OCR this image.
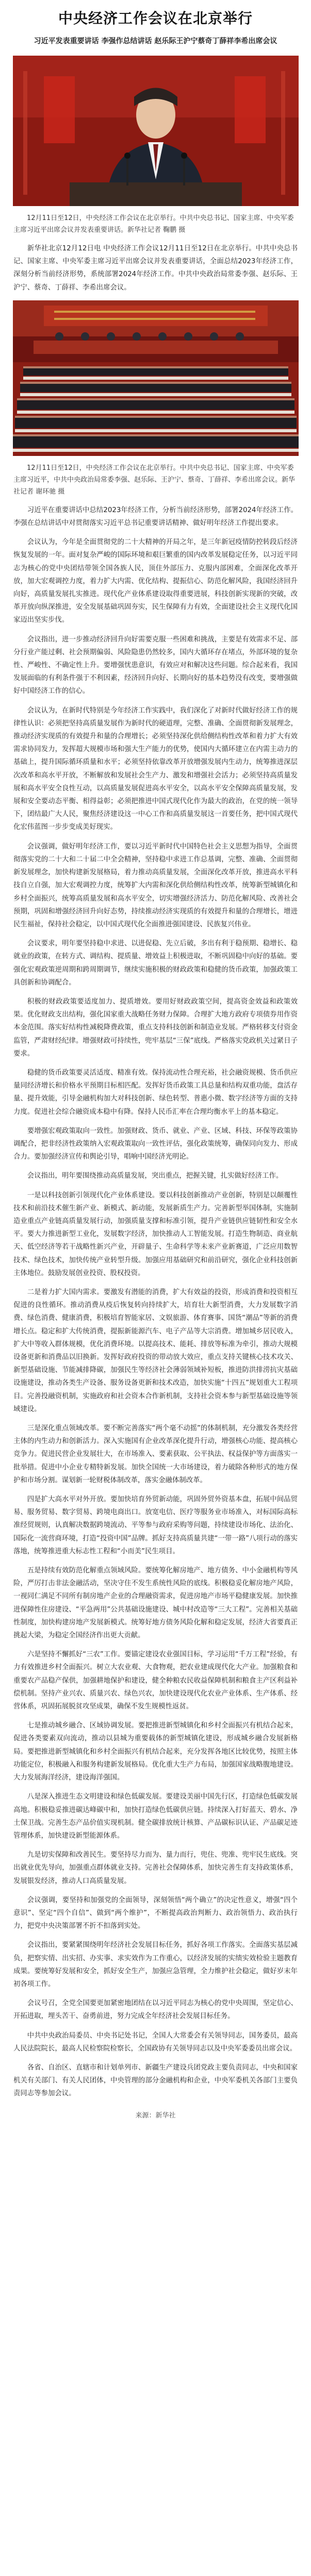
中央经济工作会议在北京举行
习近平发表重要讲话 李强作总结讲话 赵乐际王沪宁蔡奇丁薛祥李希出席会议
12月11日至12日，中央经济工作会议在北京举行。中共中央总书记、国家主席、中央军委主席习近平出席会议并发表重要讲话。新华社记者 鞠鹏 摄
新华社北京12月12日电 中央经济工作会议12月11日至12日在北京举行。中共中央总书记、国家主席、中央军委主席习近平出席会议并发表重要讲话，全面总结2023年经济工作，深刻分析当前经济形势，系统部署2024年经济工作。中共中央政治局常委李强、赵乐际、王沪宁、蔡奇、丁薛祥、李希出席会议。
12月11日至12日，中央经济工作会议在北京举行。中共中央总书记、国家主席、中央军委主席习近平，中共中央政治局常委李强、赵乐际、王沪宁、蔡奇、丁薛祥、李希出席会议。新华社记者 谢环驰 摄
习近平在重要讲话中总结2023年经济工作，分析当前经济形势，部署2024年经济工作。李强在总结讲话中对贯彻落实习近平总书记重要讲话精神、做好明年经济工作提出要求。
会议认为，今年是全面贯彻党的二十大精神的开局之年，是三年新冠疫情防控转段后经济恢复发展的一年。面对复杂严峻的国际环境和艰巨繁重的国内改革发展稳定任务，以习近平同志为核心的党中央团结带领全国各族人民，顶住外部压力、克服内部困难，全面深化改革开放，加大宏观调控力度，着力扩大内需、优化结构、提振信心、防范化解风险，我国经济回升向好，高质量发展扎实推进。现代化产业体系建设取得重要进展，科技创新实现新的突破，改革开放向纵深推进，安全发展基础巩固夯实，民生保障有力有效，全面建设社会主义现代化国家迈出坚实步伐。
会议指出，进一步推动经济回升向好需要克服一些困难和挑战，主要是有效需求不足、部分行业产能过剩、社会预期偏弱、风险隐患仍然较多，国内大循环存在堵点，外部环境的复杂性、严峻性、不确定性上升。要增强忧患意识，有效应对和解决这些问题。综合起来看，我国发展面临的有利条件强于不利因素，经济回升向好、长期向好的基本趋势没有改变，要增强做好中国经济工作的信心。
会议认为，在新时代特别是今年经济工作实践中，我们深化了对新时代做好经济工作的规律性认识：必须把坚持高质量发展作为新时代的硬道理，完整、准确、全面贯彻新发展理念，推动经济实现质的有效提升和量的合理增长；必须坚持深化供给侧结构性改革和着力扩大有效需求协同发力，发挥超大规模市场和强大生产能力的优势，使国内大循环建立在内需主动力的基础上，提升国际循环质量和水平；必须坚持依靠改革开放增强发展内生动力，统筹推进深层次改革和高水平开放，不断解放和发展社会生产力、激发和增强社会活力；必须坚持高质量发展和高水平安全良性互动，以高质量发展促进高水平安全，以高水平安全保障高质量发展，发展和安全要动态平衡、相得益彰；必须把推进中国式现代化作为最大的政治，在党的统一领导下，团结最广大人民，聚焦经济建设这一中心工作和高质量发展这一首要任务，把中国式现代化宏伟蓝图一步步变成美好现实。
会议强调，做好明年经济工作，要以习近平新时代中国特色社会主义思想为指导，全面贯彻落实党的二十大和二十届二中全会精神，坚持稳中求进工作总基调，完整、准确、全面贯彻新发展理念，加快构建新发展格局，着力推动高质量发展，全面深化改革开放，推进高水平科技自立自强，加大宏观调控力度，统筹扩大内需和深化供给侧结构性改革，统筹新型城镇化和乡村全面振兴，统筹高质量发展和高水平安全，切实增强经济活力、防范化解风险、改善社会预期，巩固和增强经济回升向好态势，持续推动经济实现质的有效提升和量的合理增长，增进民生福祉，保持社会稳定，以中国式现代化全面推进强国建设、民族复兴伟业。
会议要求，明年要坚持稳中求进、以进促稳、先立后破，多出有利于稳预期、稳增长、稳就业的政策，在转方式、调结构、提质量、增效益上积极进取，不断巩固稳中向好的基础。要强化宏观政策逆周期和跨周期调节，继续实施积极的财政政策和稳健的货币政策，加强政策工具创新和协调配合。
积极的财政政策要适度加力、提质增效。要用好财政政策空间，提高资金效益和政策效果。优化财政支出结构，强化国家重大战略任务财力保障。合理扩大地方政府专项债券用作资本金范围。落实好结构性减税降费政策，重点支持科技创新和制造业发展。严格转移支付资金监管，严肃财经纪律。增强财政可持续性，兜牢基层“三保”底线。严格落实党政机关过紧日子要求。
稳健的货币政策要灵活适度、精准有效。保持流动性合理充裕，社会融资规模、货币供应量同经济增长和价格水平预期目标相匹配。发挥好货币政策工具总量和结构双重功能，盘活存量、提升效能，引导金融机构加大对科技创新、绿色转型、普惠小微、数字经济等方面的支持力度。促进社会综合融资成本稳中有降。保持人民币汇率在合理均衡水平上的基本稳定。
要增强宏观政策取向一致性。加强财政、货币、就业、产业、区域、科技、环保等政策协调配合，把非经济性政策纳入宏观政策取向一致性评估，强化政策统筹，确保同向发力、形成合力。要加强经济宣传和舆论引导，唱响中国经济光明论。
会议指出，明年要围绕推动高质量发展，突出重点，把握关键，扎实做好经济工作。
一是以科技创新引领现代化产业体系建设。要以科技创新推动产业创新，特别是以颠覆性技术和前沿技术催生新产业、新模式、新动能，发展新质生产力。完善新型举国体制，实施制造业重点产业链高质量发展行动，加强质量支撑和标准引领，提升产业链供应链韧性和安全水平。要大力推进新型工业化，发展数字经济，加快推动人工智能发展。打造生物制造、商业航天、低空经济等若干战略性新兴产业，开辟量子、生命科学等未来产业新赛道，广泛应用数智技术、绿色技术，加快传统产业转型升级。加强应用基础研究和前沿研究，强化企业科技创新主体地位。鼓励发展创业投资、股权投资。
二是着力扩大国内需求。要激发有潜能的消费，扩大有效益的投资，形成消费和投资相互促进的良性循环。推动消费从疫后恢复转向持续扩大，培育壮大新型消费，大力发展数字消费、绿色消费、健康消费，积极培育智能家居、文娱旅游、体育赛事、国货“潮品”等新的消费增长点。稳定和扩大传统消费，提振新能源汽车、电子产品等大宗消费。增加城乡居民收入，扩大中等收入群体规模，优化消费环境。以提高技术、能耗、排放等标准为牵引，推动大规模设备更新和消费品以旧换新。发挥好政府投资的带动放大效应，重点支持关键核心技术攻关、新型基础设施、节能减排降碳，加强民生等经济社会薄弱领域补短板，推进防洪排涝抗灾基础设施建设，推动各类生产设备、服务设备更新和技术改造，加快实施“十四五”规划重大工程项目。完善投融资机制，实施政府和社会资本合作新机制，支持社会资本参与新型基础设施等领域建设。
三是深化重点领域改革。要不断完善落实“两个毫不动摇”的体制机制，充分激发各类经营主体的内生动力和创新活力。深入实施国有企业改革深化提升行动，增强核心功能、提高核心竞争力。促进民营企业发展壮大，在市场准入、要素获取、公平执法、权益保护等方面落实一批举措。促进中小企业专精特新发展。加快全国统一大市场建设，着力破除各种形式的地方保护和市场分割。谋划新一轮财税体制改革，落实金融体制改革。
四是扩大高水平对外开放。要加快培育外贸新动能，巩固外贸外资基本盘，拓展中间品贸易、服务贸易、数字贸易、跨境电商出口。放宽电信、医疗等服务业市场准入，对标国际高标准经贸规则，认真解决数据跨境流动、平等参与政府采购等问题，持续建设市场化、法治化、国际化一流营商环境，打造“投资中国”品牌。抓好支持高质量共建“一带一路”八项行动的落实落地，统筹推进重大标志性工程和“小而美”民生项目。
五是持续有效防范化解重点领域风险。要统筹化解房地产、地方债务、中小金融机构等风险，严厉打击非法金融活动，坚决守住不发生系统性风险的底线。积极稳妥化解房地产风险，一视同仁满足不同所有制房地产企业的合理融资需求，促进房地产市场平稳健康发展。加快推进保障性住房建设、“平急两用”公共基础设施建设、城中村改造等“三大工程”。完善相关基础性制度，加快构建房地产发展新模式。统筹好地方债务风险化解和稳定发展，经济大省要真正挑起大梁，为稳定全国经济作出更大贡献。
六是坚持不懈抓好“三农”工作。要锚定建设农业强国目标，学习运用“千万工程”经验，有力有效推进乡村全面振兴。树立大农业观、大食物观，把农业建成现代化大产业。加强粮食和重要农产品稳产保供，加强耕地保护和建设，健全种粮农民收益保障机制和粮食主产区利益补偿机制。坚持产业兴农、质量兴农、绿色兴农，加快建设现代化农业产业体系、生产体系、经营体系，巩固拓展脱贫攻坚成果，确保不发生规模性返贫。
七是推动城乡融合、区域协调发展。要把推进新型城镇化和乡村全面振兴有机结合起来，促进各类要素双向流动，推动以县城为重要载体的新型城镇化建设，形成城乡融合发展新格局。要把推进新型城镇化和乡村全面振兴有机结合起来，充分发挥各地区比较优势，按照主体功能定位，积极融入和服务构建新发展格局。优化重大生产力布局，加强国家战略腹地建设。大力发展海洋经济，建设海洋强国。
八是深入推进生态文明建设和绿色低碳发展。要建设美丽中国先行区，打造绿色低碳发展高地。积极稳妥推进碳达峰碳中和，加快打造绿色低碳供应链。持续深入打好蓝天、碧水、净土保卫战。完善生态产品价值实现机制。健全碳排放统计核算、产品碳标识认证、产品碳足迹管理体系，加快建设新型能源体系。
九是切实保障和改善民生。要坚持尽力而为、量力而行，兜住、兜准、兜牢民生底线。突出就业优先导向，加强重点群体就业支持。完善社会保障体系，加快完善生育支持政策体系，发展银发经济，推动人口高质量发展。
会议强调，要坚持和加强党的全面领导，深刻领悟“两个确立”的决定性意义，增强“四个意识”、坚定“四个自信”、做到“两个维护”，不断提高政治判断力、政治领悟力、政治执行力，把党中央决策部署不折不扣落到实处。
会议指出，要紧紧围绕明年经济社会发展目标任务，抓好各项工作落实。全面落实基层减负，把察实情、出实招、办实事、求实效作为工作重心，以经济发展的实绩实效检验主题教育成果。要统筹好发展和安全，抓好安全生产，加强应急管理，全力维护社会稳定，做好岁末年初各项工作。
会议号召，全党全国要更加紧密地团结在以习近平同志为核心的党中央周围，坚定信心、开拓进取，埋头苦干、奋勇前进，努力完成全年经济社会发展目标任务。
中共中央政治局委员、中央书记处书记，全国人大常委会有关领导同志，国务委员，最高人民法院院长，最高人民检察院检察长，全国政协有关领导同志以及中央军委委员出席会议。
各省、自治区、直辖市和计划单列市、新疆生产建设兵团党政主要负责同志，中央和国家机关有关部门、有关人民团体，中央管理的部分金融机构和企业，中央军委机关各部门主要负责同志等参加会议。
来源：新华社
